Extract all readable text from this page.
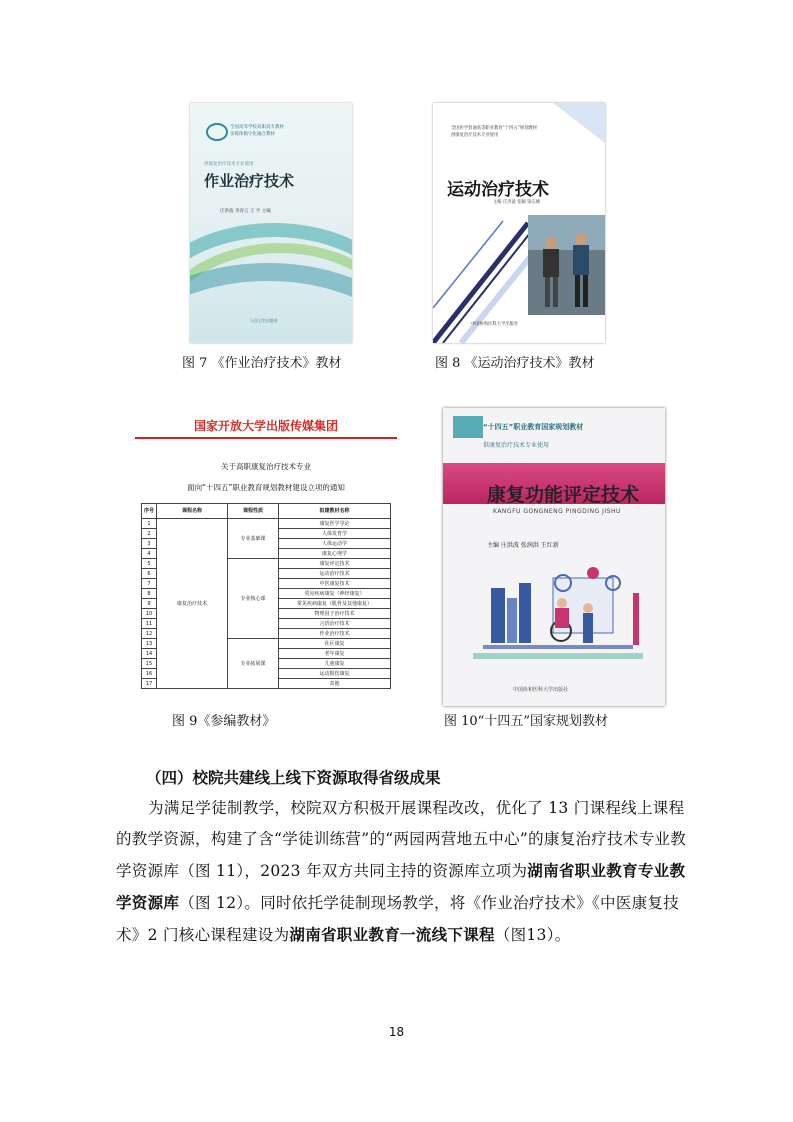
全国高等学校高职高专教材
多媒体数字化融合教材
供康复治疗技术专业使用
作业治疗技术
庄洪波 李涛云 王 平 主编
人民卫生出版社
图 7 《作业治疗技术》教材
全国医学普通高等职业教育“十四五”规划教材
供康复治疗技术专业使用
运动治疗技术
主编 庄洪波 张颖 梁志刚
中国协和医科大学出版社
图 8 《运动治疗技术》教材
国家开放大学出版传媒集团
关于高职康复治疗技术专业
面向“十四五”职业教育规划教材建设立项的通知
序号	课程名称	课程性质	拟建教材名称
1	康复治疗技术	专业基础课	康复医学导论
2			人体发育学
3			人体运动学
4			康复心理学
5		专业核心课	康复评定技术
6			运动治疗技术
7			中医康复技术
8			常见疾病康复（神经康复）
9			常见疾病康复（肌骨及其他康复）
10			物理因子治疗技术
11			言语治疗技术
12			作业治疗技术
13		专业拓展课	社区康复
14			老年康复
15			儿童康复
16			运动损伤康复
17			其他
图 9《参编教材》
“十四五”职业教育国家规划教材
供康复治疗技术专业使用
康复功能评定技术
KANGFU GONGNENG PINGDING JISHU
主编 庄洪波 张润洪 王红新
中国协和医科大学出版社
图 10“十四五”国家规划教材
（四）校院共建线上线下资源取得省级成果
为满足学徒制教学，校院双方积极开展课程改改，优化了 13 门课程线上课程的教学资源，构建了含“学徒训练营”的“两园两营地五中心”的康复治疗技术专业教学资源库（图 11），2023 年双方共同主持的资源库立项为湖南省职业教育专业教学资源库（图 12）。同时依托学徒制现场教学，将《作业治疗技术》《中医康复技术》2 门核心课程建设为湖南省职业教育一流线下课程（图13）。
18
